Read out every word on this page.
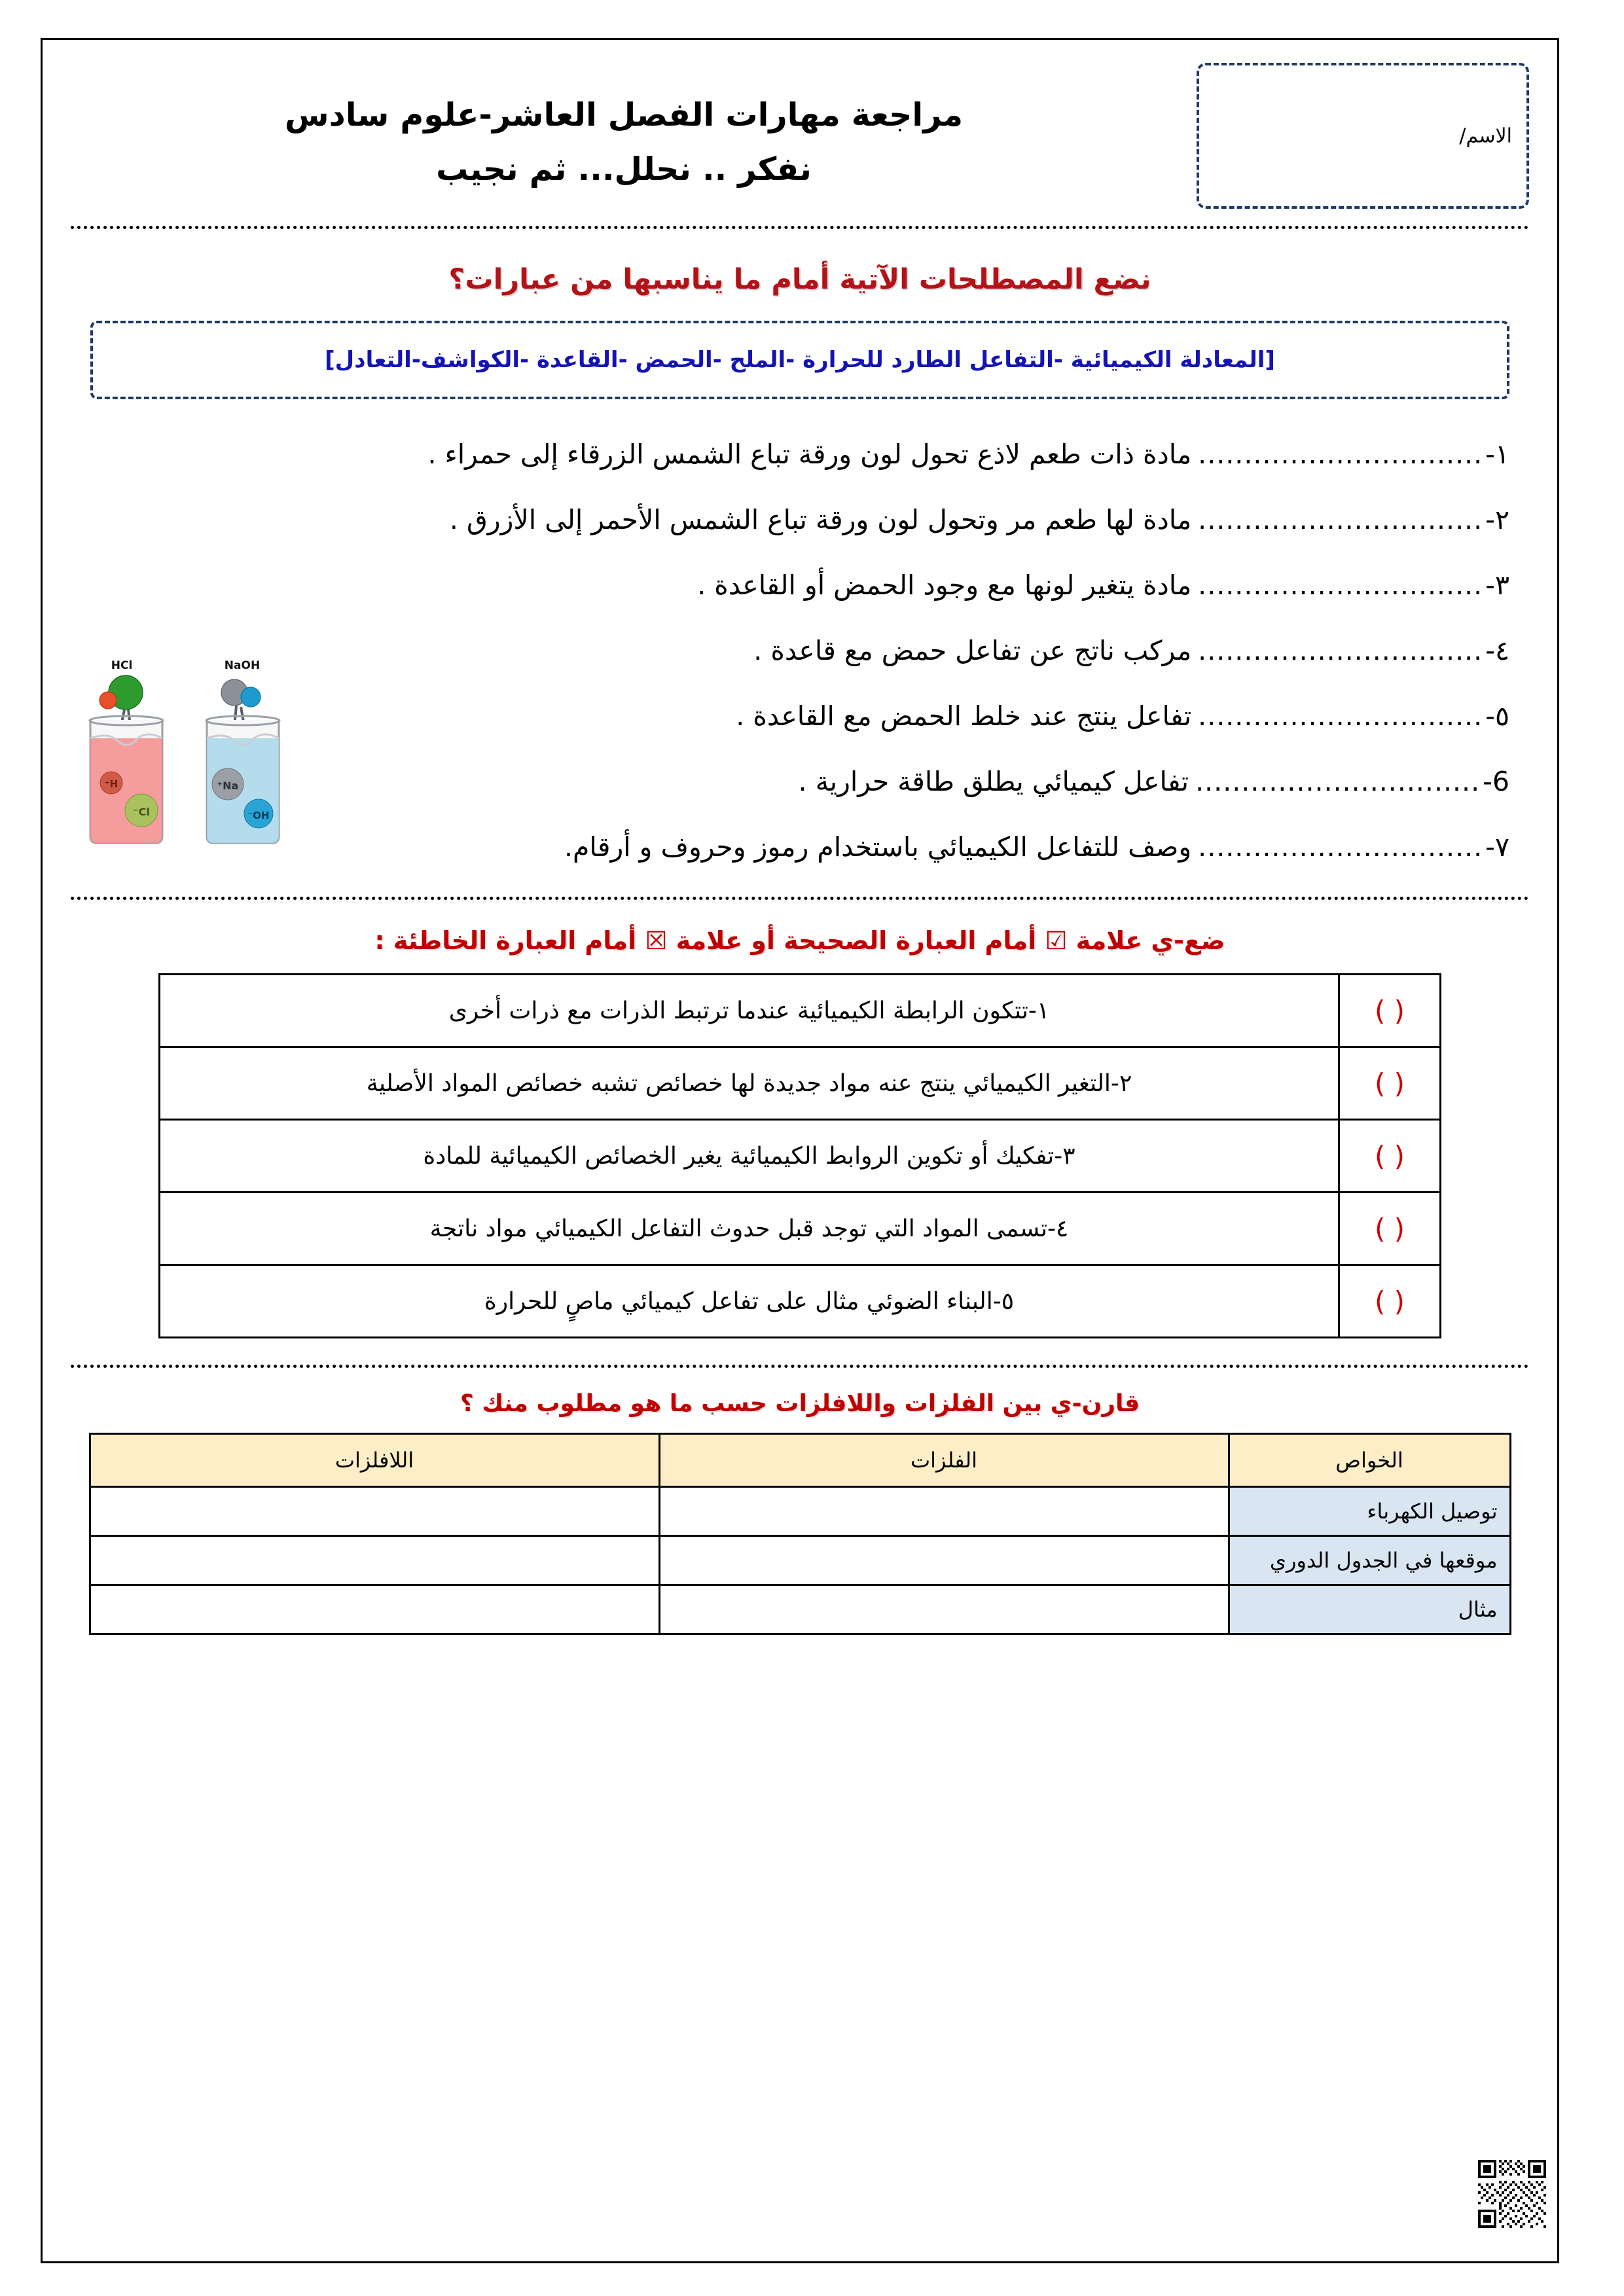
الاسم/
مراجعة مهارات الفصل العاشر-علوم سادس
نفكر .. نحلل... ثم نجيب
نضع المصطلحات الآتية أمام ما يناسبها من عبارات؟
[المعادلة الكيميائية -التفاعل الطارد للحرارة -الملح -الحمض -القاعدة -الكواشف-التعادل]
HCl
H⁺
Cl⁻
NaOH
Na⁺
OH⁻
١-
...............................
مادة ذات طعم لاذع تحول لون ورقة تباع الشمس الزرقاء إلى حمراء .
٢-
...............................
مادة لها طعم مر وتحول لون ورقة تباع الشمس الأحمر إلى الأزرق .
٣-
...............................
مادة يتغير لونها مع وجود الحمض أو القاعدة .
٤-
...............................
مركب ناتج عن تفاعل حمض مع قاعدة .
٥-
...............................
تفاعل ينتج عند خلط الحمض مع القاعدة .
6-
...............................
تفاعل كيميائي يطلق طاقة حرارية .
٧-
...............................
وصف للتفاعل الكيميائي باستخدام رموز وحروف و أرقام.
ضع-ي علامة ☑ أمام العبارة الصحيحة أو علامة ☒ أمام العبارة الخاطئة :
( )	١-تتكون الرابطة الكيميائية عندما ترتبط الذرات مع ذرات أخرى
( )	٢-التغير الكيميائي ينتج عنه مواد جديدة لها خصائص تشبه خصائص المواد الأصلية
( )	٣-تفكيك أو تكوين الروابط الكيميائية يغير الخصائص الكيميائية للمادة
( )	٤-تسمى المواد التي توجد قبل حدوث التفاعل الكيميائي مواد ناتجة
( )	٥-البناء الضوئي مثال على تفاعل كيميائي ماصٍ للحرارة
قارن-ي بين الفلزات واللافلزات حسب ما هو مطلوب منك ؟
الخواص	الفلزات	اللافلزات
توصيل الكهرباء		
موقعها في الجدول الدوري		
مثال		
